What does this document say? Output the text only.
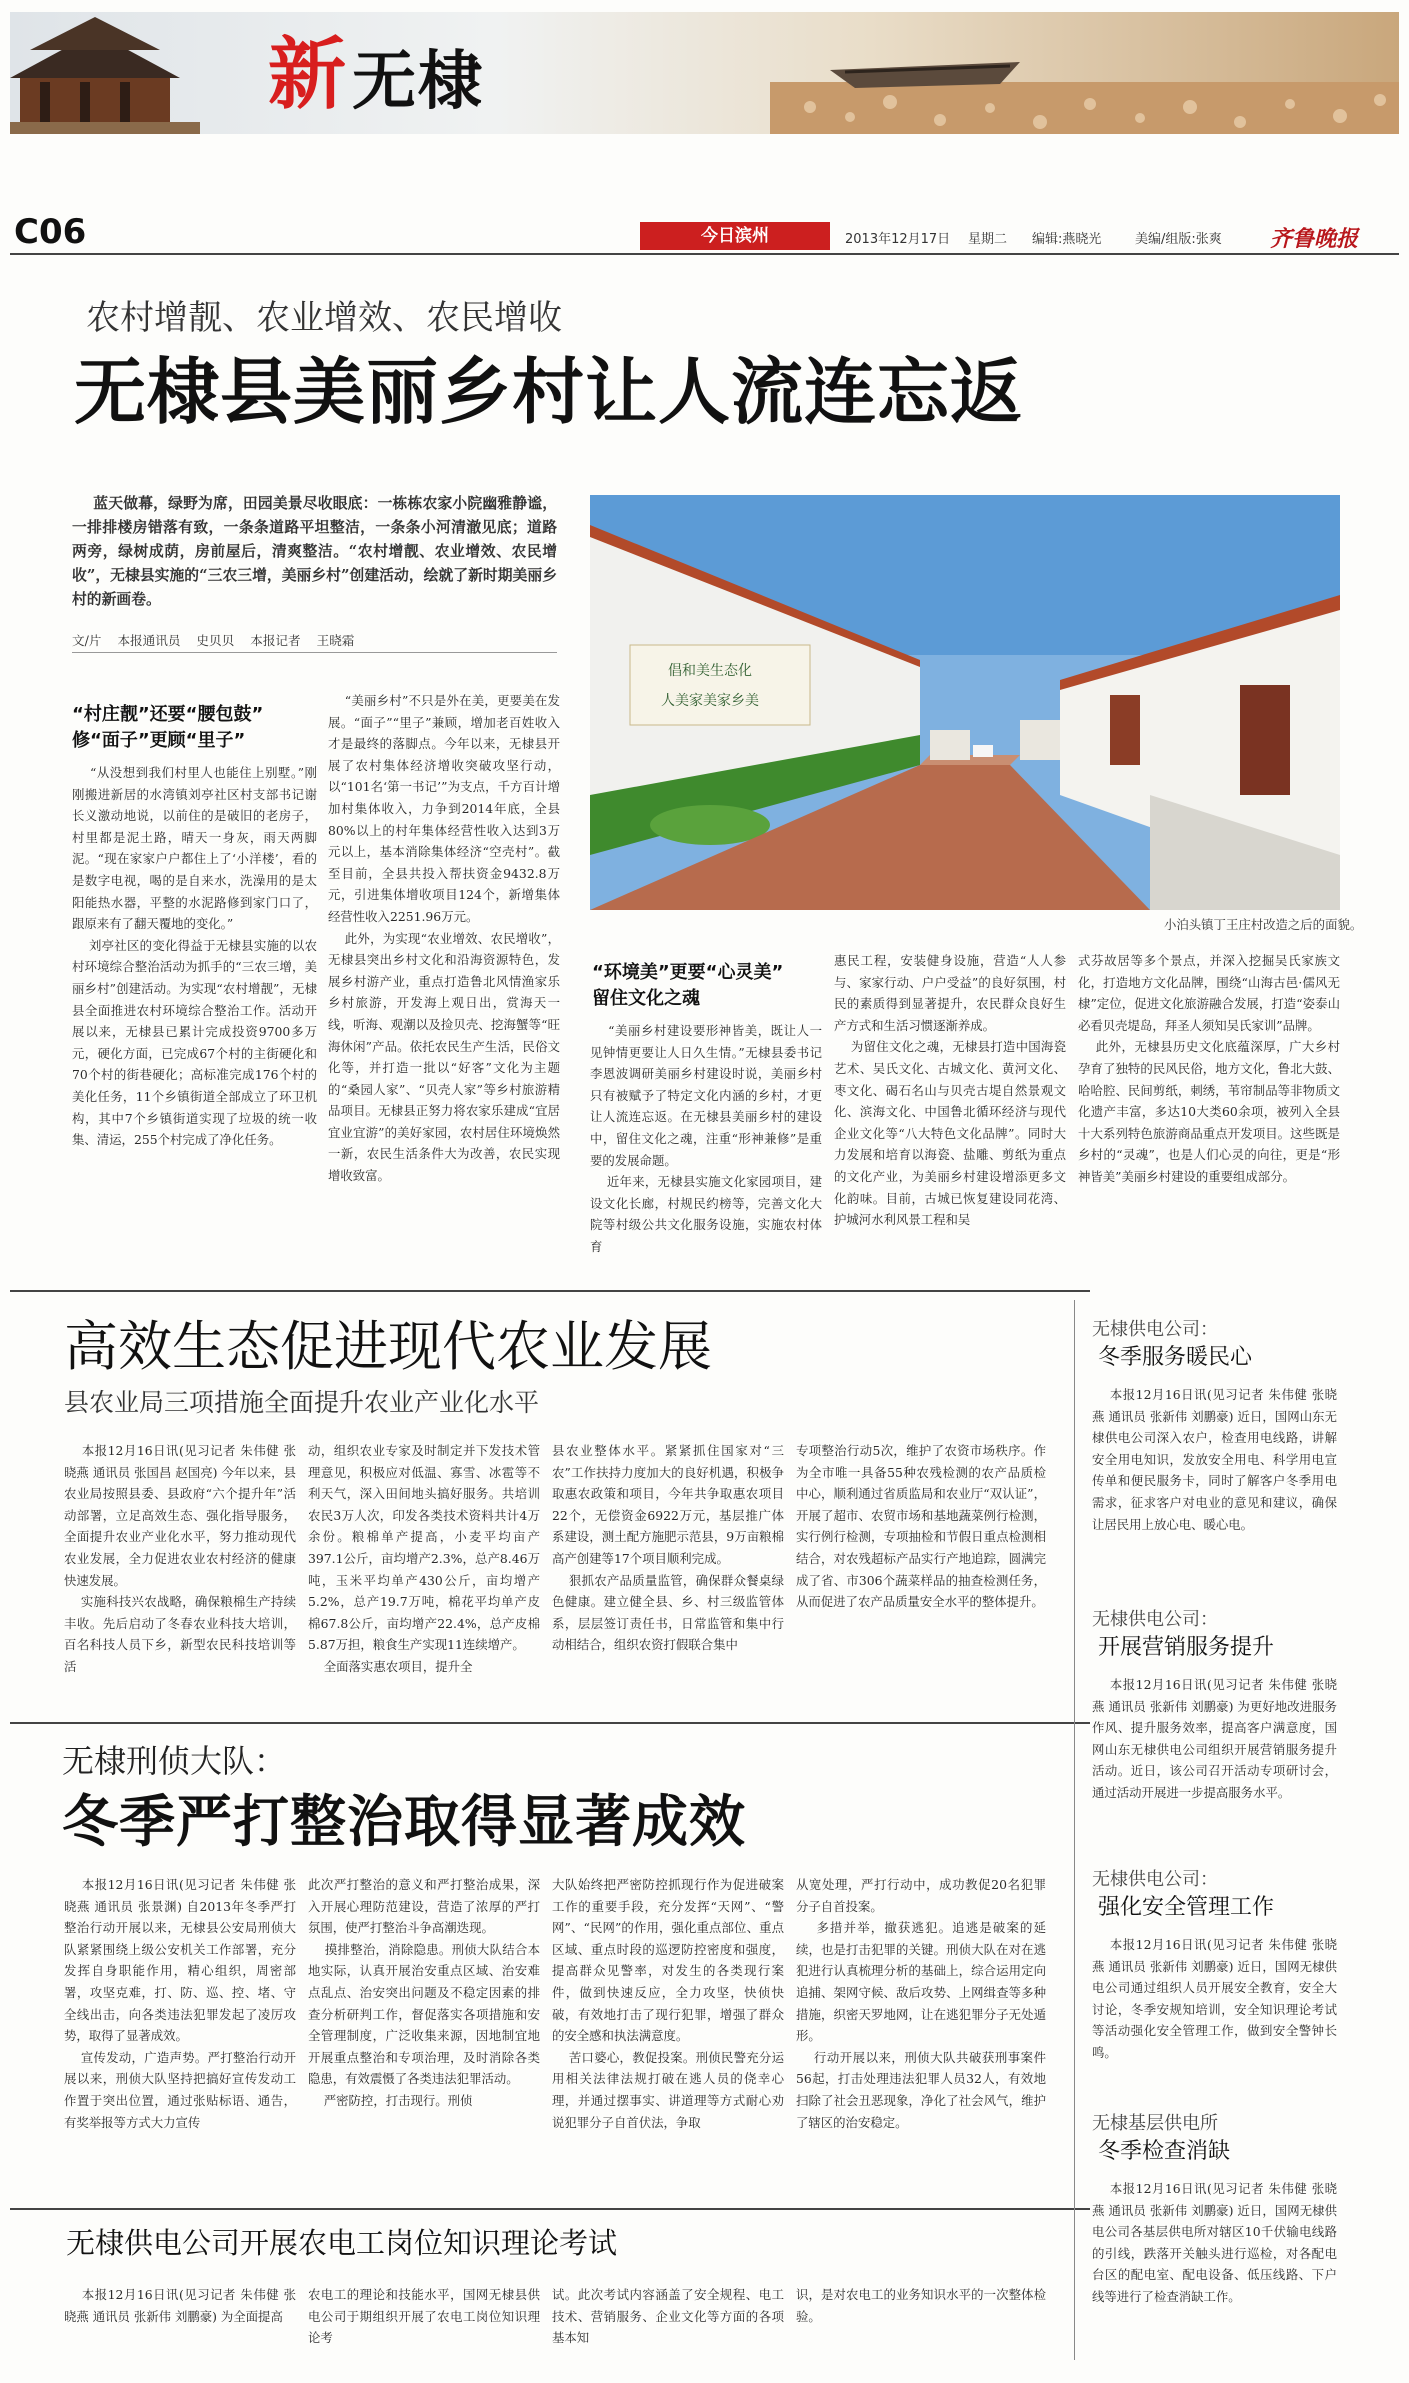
新 无棣
C06	今日滨州	2013年12月17日 星期二 编辑:燕晓光	美编/组版:张爽 齐鲁晚报
农村增靓、农业增效、农民增收
无棣县美丽乡村让人流连忘返
蓝天做幕，绿野为席，田园美景尽收眼底：一栋栋农家小院幽雅静谧，一排排楼房错落有致，一条条道路平坦整洁，一条条小河清澈见底；道路两旁，绿树成荫，房前屋后，清爽整洁。“农村增靓、农业增效、农民增收”，无棣县实施的“三农三增，美丽乡村”创建活动，绘就了新时期美丽乡村的新画卷。
文/片    本报通讯员    史贝贝    本报记者    王晓霜
倡和美生态化
人美家美家乡美
小泊头镇丁王庄村改造之后的面貌。
“村庄靓”还要“腰包鼓”
修“面子”更顾“里子”
“从没想到我们村里人也能住上别墅。”刚刚搬进新居的水湾镇刘亭社区村支部书记谢长义激动地说，以前住的是破旧的老房子，村里都是泥土路，晴天一身灰，雨天两脚泥。“现在家家户户都住上了‘小洋楼’，看的是数字电视，喝的是自来水，洗澡用的是太阳能热水器，平整的水泥路修到家门口了，跟原来有了翻天覆地的变化。”
刘亭社区的变化得益于无棣县实施的以农村环境综合整治活动为抓手的“三农三增，美丽乡村”创建活动。为实现“农村增靓”，无棣县全面推进农村环境综合整治工作。活动开展以来，无棣县已累计完成投资9700多万元，硬化方面，已完成67个村的主街硬化和70个村的街巷硬化；高标准完成176个村的美化任务，11个乡镇街道全部成立了环卫机构，其中7个乡镇街道实现了垃圾的统一收集、清运，255个村完成了净化任务。
“美丽乡村”不只是外在美，更要美在发展。“面子”“里子”兼顾，增加老百姓收入才是最终的落脚点。今年以来，无棣县开展了农村集体经济增收突破攻坚行动，以“101名‘第一书记’”为支点，千方百计增加村集体收入，力争到2014年底，全县80%以上的村年集体经营性收入达到3万元以上，基本消除集体经济“空壳村”。截至目前，全县共投入帮扶资金9432.8万元，引进集体增收项目124个，新增集体经营性收入2251.96万元。
此外，为实现“农业增效、农民增收”，无棣县突出乡村文化和沿海资源特色，发展乡村游产业，重点打造鲁北风情渔家乐乡村旅游，开发海上观日出，赏海天一线，听海、观潮以及捡贝壳、挖海蟹等“旺海休闲”产品。依托农民生产生活，民俗文化等，并打造一批以“好客”文化为主题的“桑园人家”、“贝壳人家”等乡村旅游精品项目。无棣县正努力将农家乐建成“宜居宜业宜游”的美好家园，农村居住环境焕然一新，农民生活条件大为改善，农民实现增收致富。
“环境美”更要“心灵美”
留住文化之魂
“美丽乡村建设要形神皆美，既让人一见钟情更要让人日久生情。”无棣县委书记李恩波调研美丽乡村建设时说，美丽乡村只有被赋予了特定文化内涵的乡村，才更让人流连忘返。在无棣县美丽乡村的建设中，留住文化之魂，注重“形神兼修”是重要的发展命题。
近年来，无棣县实施文化家园项目，建设文化长廊，村规民约榜等，完善文化大院等村级公共文化服务设施，实施农村体育
惠民工程，安装健身设施，营造“人人参与、家家行动、户户受益”的良好氛围，村民的素质得到显著提升，农民群众良好生产方式和生活习惯逐渐养成。
为留住文化之魂，无棣县打造中国海瓷艺术、吴氏文化、古城文化、黄河文化、枣文化、碣石名山与贝壳古堤自然景观文化、滨海文化、中国鲁北循环经济与现代企业文化等“八大特色文化品牌”。同时大力发展和培育以海瓷、盐雕、剪纸为重点的文化产业，为美丽乡村建设增添更多文化韵味。目前，古城已恢复建设同花湾、护城河水利风景工程和吴
式芬故居等多个景点，并深入挖掘吴氏家族文化，打造地方文化品牌，围绕“山海古邑·儒风无棣”定位，促进文化旅游融合发展，打造“姿泰山必看贝壳堤岛，拜圣人须知吴氏家训”品牌。
此外，无棣县历史文化底蕴深厚，广大乡村孕育了独特的民风民俗，地方文化，鲁北大鼓、哈哈腔、民间剪纸，刺绣，苇帘制品等非物质文化遗产丰富，多达10大类60余项，被列入全县十大系列特色旅游商品重点开发项目。这些既是乡村的“灵魂”，也是人们心灵的向往，更是“形神皆美”美丽乡村建设的重要组成部分。
高效生态促进现代农业发展
县农业局三项措施全面提升农业产业化水平
本报12月16日讯(见习记者 朱伟健 张晓燕 通讯员 张国昌 赵国亮) 今年以来，县农业局按照县委、县政府“六个提升年”活动部署，立足高效生态、强化指导服务，全面提升农业产业化水平，努力推动现代农业发展，全力促进农业农村经济的健康快速发展。
实施科技兴农战略，确保粮棉生产持续丰收。先后启动了冬春农业科技大培训，百名科技人员下乡，新型农民科技培训等活
动，组织农业专家及时制定并下发技术管理意见，积极应对低温、寡雪、冰雹等不利天气，深入田间地头搞好服务。共培训农民3万人次，印发各类技术资料共计4万余份。粮棉单产提高，小麦平均亩产397.1公斤，亩均增产2.3%，总产8.46万吨，玉米平均单产430公斤，亩均增产5.2%，总产19.7万吨，棉花平均单产皮棉67.8公斤，亩均增产22.4%，总产皮棉5.87万担，粮食生产实现11连续增产。
全面落实惠农项目，提升全
县农业整体水平。紧紧抓住国家对“三农”工作扶持力度加大的良好机遇，积极争取惠农政策和项目，今年共争取惠农项目22个，无偿资金6922万元，基层推广体系建设，测土配方施肥示范县，9万亩粮棉高产创建等17个项目顺利完成。
狠抓农产品质量监管，确保群众餐桌绿色健康。建立健全县、乡、村三级监管体系，层层签订责任书，日常监管和集中行动相结合，组织农资打假联合集中
专项整治行动5次，维护了农资市场秩序。作为全市唯一具备55种农残检测的农产品质检中心，顺利通过省质监局和农业厅“双认证”，开展了超市、农贸市场和基地蔬菜例行检测，实行例行检测，专项抽检和节假日重点检测相结合，对农残超标产品实行产地追踪，圆满完成了省、市306个蔬菜样品的抽查检测任务，从而促进了农产品质量安全水平的整体提升。
无棣刑侦大队：
冬季严打整治取得显著成效
本报12月16日讯(见习记者 朱伟健 张晓燕 通讯员 张景渊) 自2013年冬季严打整治行动开展以来，无棣县公安局刑侦大队紧紧围绕上级公安机关工作部署，充分发挥自身职能作用，精心组织，周密部署，攻坚克难，打、防、巡、控、堵、守全线出击，向各类违法犯罪发起了凌厉攻势，取得了显著成效。
宣传发动，广造声势。严打整治行动开展以来，刑侦大队坚持把搞好宣传发动工作置于突出位置，通过张贴标语、通告，有奖举报等方式大力宣传
此次严打整治的意义和严打整治成果，深入开展心理防范建设，营造了浓厚的严打氛围，使严打整治斗争高潮迭现。
摸排整治，消除隐患。刑侦大队结合本地实际，认真开展治安重点区域、治安难点乱点、治安突出问题及不稳定因素的排查分析研判工作，督促落实各项措施和安全管理制度，广泛收集来源，因地制宜地开展重点整治和专项治理，及时消除各类隐患，有效震慑了各类违法犯罪活动。
严密防控，打击现行。刑侦
大队始终把严密防控抓现行作为促进破案工作的重要手段，充分发挥“天网”、“警网”、“民网”的作用，强化重点部位、重点区域、重点时段的巡逻防控密度和强度，提高群众见警率，对发生的各类现行案件，做到快速反应，全力攻坚，快侦快破，有效地打击了现行犯罪，增强了群众的安全感和执法满意度。
苦口婆心，教促投案。刑侦民警充分运用相关法律法规打破在逃人员的侥幸心理，并通过摆事实、讲道理等方式耐心劝说犯罪分子自首伏法，争取
从宽处理，严打行动中，成功教促20名犯罪分子自首投案。
多措并举，撤获逃犯。追逃是破案的延续，也是打击犯罪的关键。刑侦大队在对在逃犯进行认真梳理分析的基础上，综合运用定向追捕、架网守候、敌后攻势、上网缉查等多种措施，织密天罗地网，让在逃犯罪分子无处遁形。
行动开展以来，刑侦大队共破获刑事案件56起，打击处理违法犯罪人员32人，有效地扫除了社会丑恶现象，净化了社会风气，维护了辖区的治安稳定。
无棣供电公司开展农电工岗位知识理论考试
本报12月16日讯(见习记者 朱伟健 张晓燕 通讯员 张新伟 刘鹏豪) 为全面提高
农电工的理论和技能水平，国网无棣县供电公司于期组织开展了农电工岗位知识理论考
试。此次考试内容涵盖了安全规程、电工技术、营销服务、企业文化等方面的各项基本知
识，是对农电工的业务知识水平的一次整体检验。
无棣供电公司：
冬季服务暖民心
本报12月16日讯(见习记者 朱伟健 张晓燕 通讯员 张新伟 刘鹏豪) 近日，国网山东无棣供电公司深入农户，检查用电线路，讲解安全用电知识，发放安全用电、科学用电宣传单和便民服务卡，同时了解客户冬季用电需求，征求客户对电业的意见和建议，确保让居民用上放心电、暖心电。
无棣供电公司：
开展营销服务提升
本报12月16日讯(见习记者 朱伟健 张晓燕 通讯员 张新伟 刘鹏豪) 为更好地改进服务作风、提升服务效率，提高客户满意度，国网山东无棣供电公司组织开展营销服务提升活动。近日，该公司召开活动专项研讨会，通过活动开展进一步提高服务水平。
无棣供电公司：
强化安全管理工作
本报12月16日讯(见习记者 朱伟健 张晓燕 通讯员 张新伟 刘鹏豪) 近日，国网无棣供电公司通过组织人员开展安全教育，安全大讨论，冬季安规知培训，安全知识理论考试等活动强化安全管理工作，做到安全警钟长鸣。
无棣基层供电所
冬季检查消缺
本报12月16日讯(见习记者 朱伟健 张晓燕 通讯员 张新伟 刘鹏豪) 近日，国网无棣供电公司各基层供电所对辖区10千伏输电线路的引线，跌落开关触头进行巡检，对各配电台区的配电室、配电设备、低压线路、下户线等进行了检查消缺工作。
